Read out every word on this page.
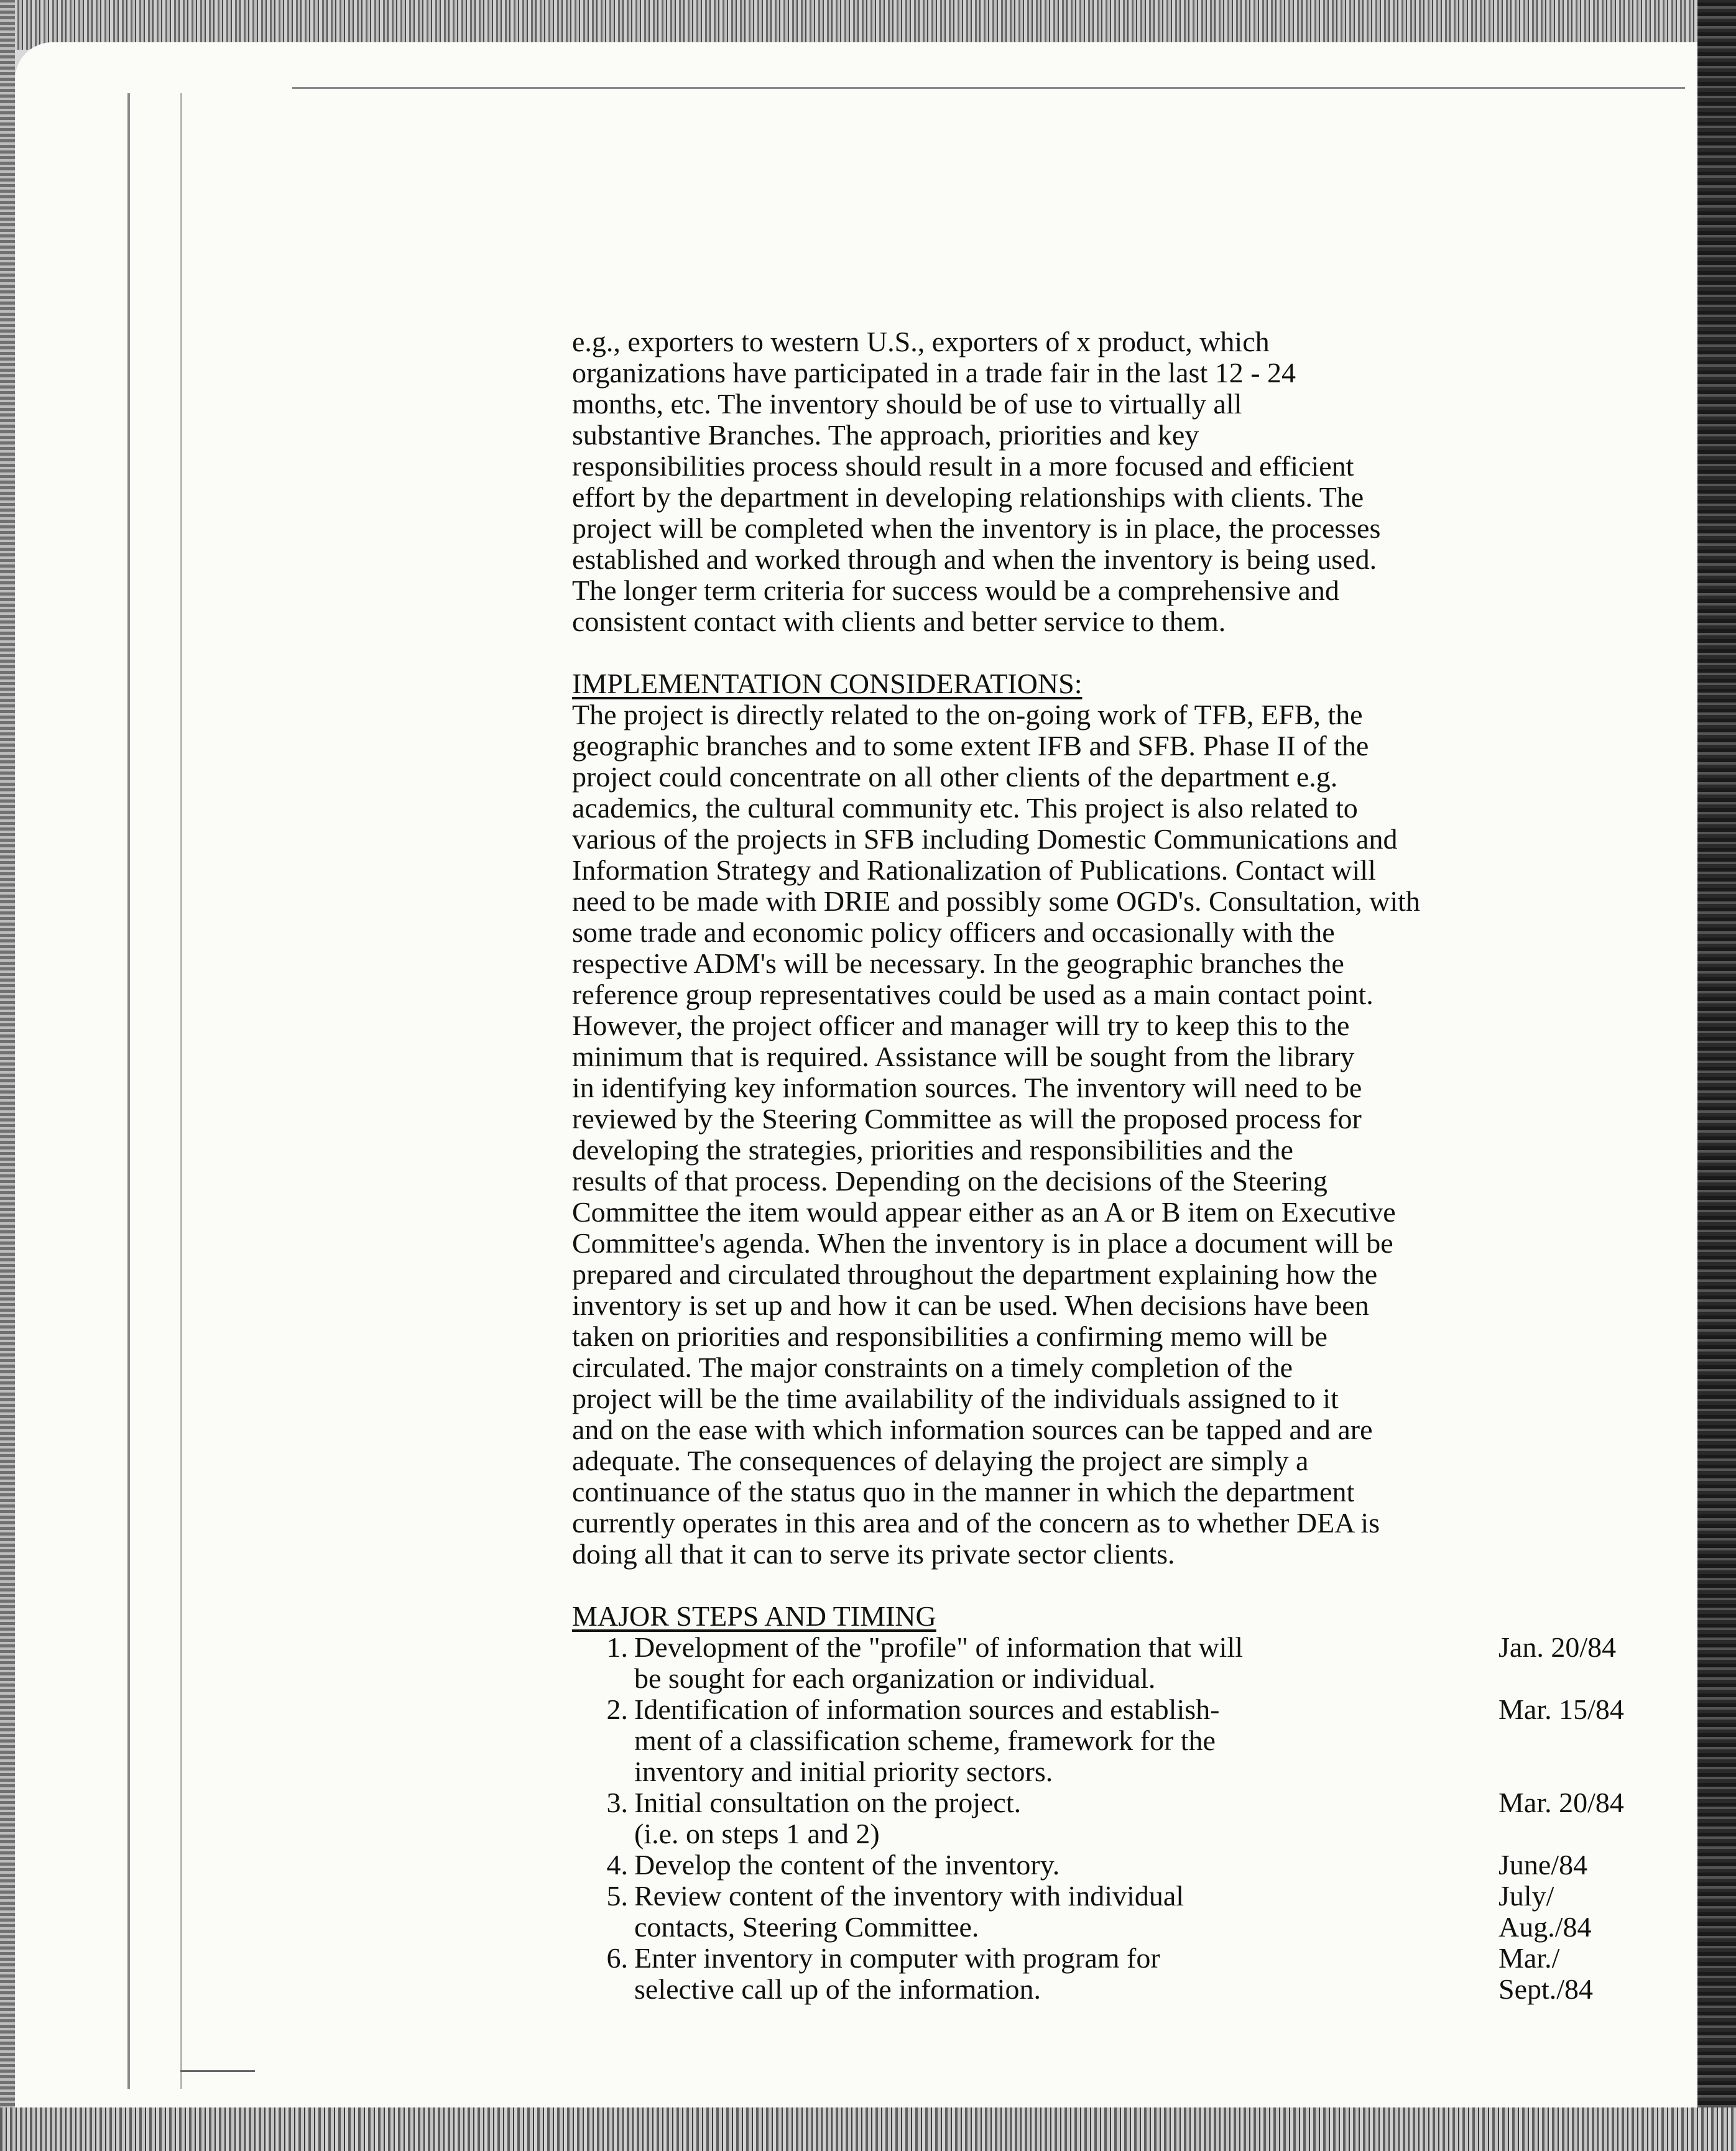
e.g., exporters to western U.S., exporters of x product, which

organizations have participated in a trade fair in the last 12 - 24

months, etc. The inventory should be of use to virtually all

substantive Branches. The approach, priorities and key

responsibilities process should result in a more focused and efficient

effort by the department in developing relationships with clients. The

project will be completed when the inventory is in place, the processes

established and worked through and when the inventory is being used.

The longer term criteria for success would be a comprehensive and

consistent contact with clients and better service to them.

IMPLEMENTATION CONSIDERATIONS:

The project is directly related to the on-going work of TFB, EFB, the

geographic branches and to some extent IFB and SFB. Phase II of the

project could concentrate on all other clients of the department e.g.

academics, the cultural community etc. This project is also related to

various of the projects in SFB including Domestic Communications and

Information Strategy and Rationalization of Publications. Contact will

need to be made with DRIE and possibly some OGD's. Consultation, with

some trade and economic policy officers and occasionally with the

respective ADM's will be necessary. In the geographic branches the

reference group representatives could be used as a main contact point.

However, the project officer and manager will try to keep this to the

minimum that is required. Assistance will be sought from the library

in identifying key information sources. The inventory will need to be

reviewed by the Steering Committee as will the proposed process for

developing the strategies, priorities and responsibilities and the

results of that process. Depending on the decisions of the Steering

Committee the item would appear either as an A or B item on Executive

Committee's agenda. When the inventory is in place a document will be

prepared and circulated throughout the department explaining how the

inventory is set up and how it can be used. When decisions have been

taken on priorities and responsibilities a confirming memo will be

circulated. The major constraints on a timely completion of the

project will be the time availability of the individuals assigned to it

and on the ease with which information sources can be tapped and are

adequate. The consequences of delaying the project are simply a

continuance of the status quo in the manner in which the department

currently operates in this area and of the concern as to whether DEA is

doing all that it can to serve its private sector clients.

MAJOR STEPS AND TIMING

1. Development of the "profile" of information that will
be sought for each organization or individual.
Jan. 20/84
2. Identification of information sources and establish-
ment of a classification scheme, framework for the
inventory and initial priority sectors.
Mar. 15/84
3. Initial consultation on the project.
(i.e. on steps 1 and 2)
Mar. 20/84
4. Develop the content of the inventory.	June/84
5. Review content of the inventory with individual
contacts, Steering Committee.
July/
Aug./84
6. Enter inventory in computer with program for
selective call up of the information.
Mar./
Sept./84
